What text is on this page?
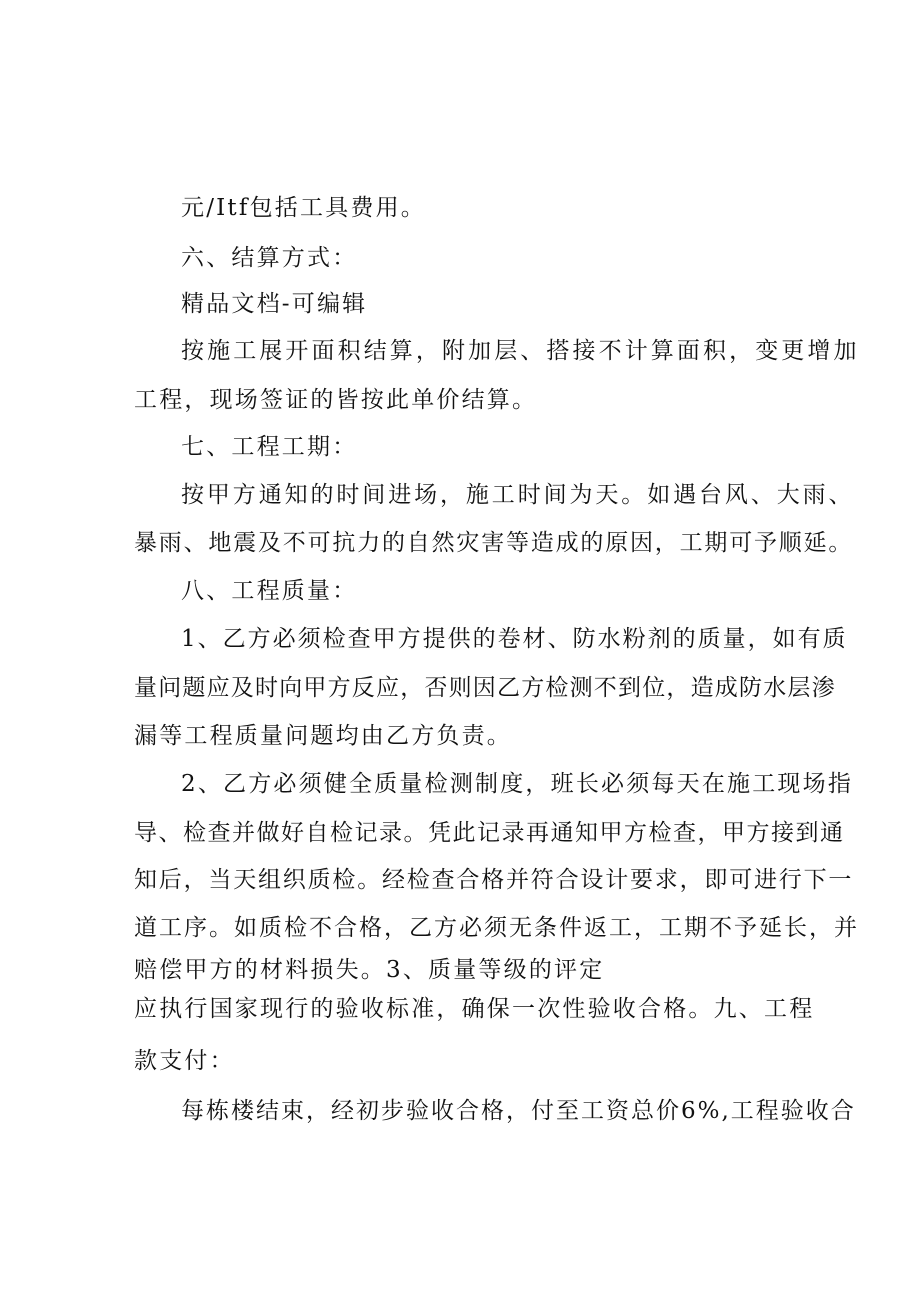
元/Itf包括工具费用。
六、结算方式：
精品文档-可编辑
按施工展开面积结算，附加层、搭接不计算面积，变更增加
工程，现场签证的皆按此单价结算。
七、工程工期：
按甲方通知的时间进场，施工时间为天。如遇台风、大雨、
暴雨、地震及不可抗力的自然灾害等造成的原因，工期可予顺延。
八、工程质量：
1、乙方必须检查甲方提供的卷材、防水粉剂的质量，如有质
量问题应及时向甲方反应，否则因乙方检测不到位，造成防水层渗
漏等工程质量问题均由乙方负责。
2、乙方必须健全质量检测制度，班长必须每天在施工现场指
导、检查并做好自检记录。凭此记录再通知甲方检查，甲方接到通
知后，当天组织质检。经检查合格并符合设计要求，即可进行下一
道工序。如质检不合格，乙方必须无条件返工，工期不予延长，并
赔偿甲方的材料损失。3、质量等级的评定
应执行国家现行的验收标准，确保一次性验收合格。九、工程
款支付：
每栋楼结束，经初步验收合格，付至工资总价6%,工程验收合
